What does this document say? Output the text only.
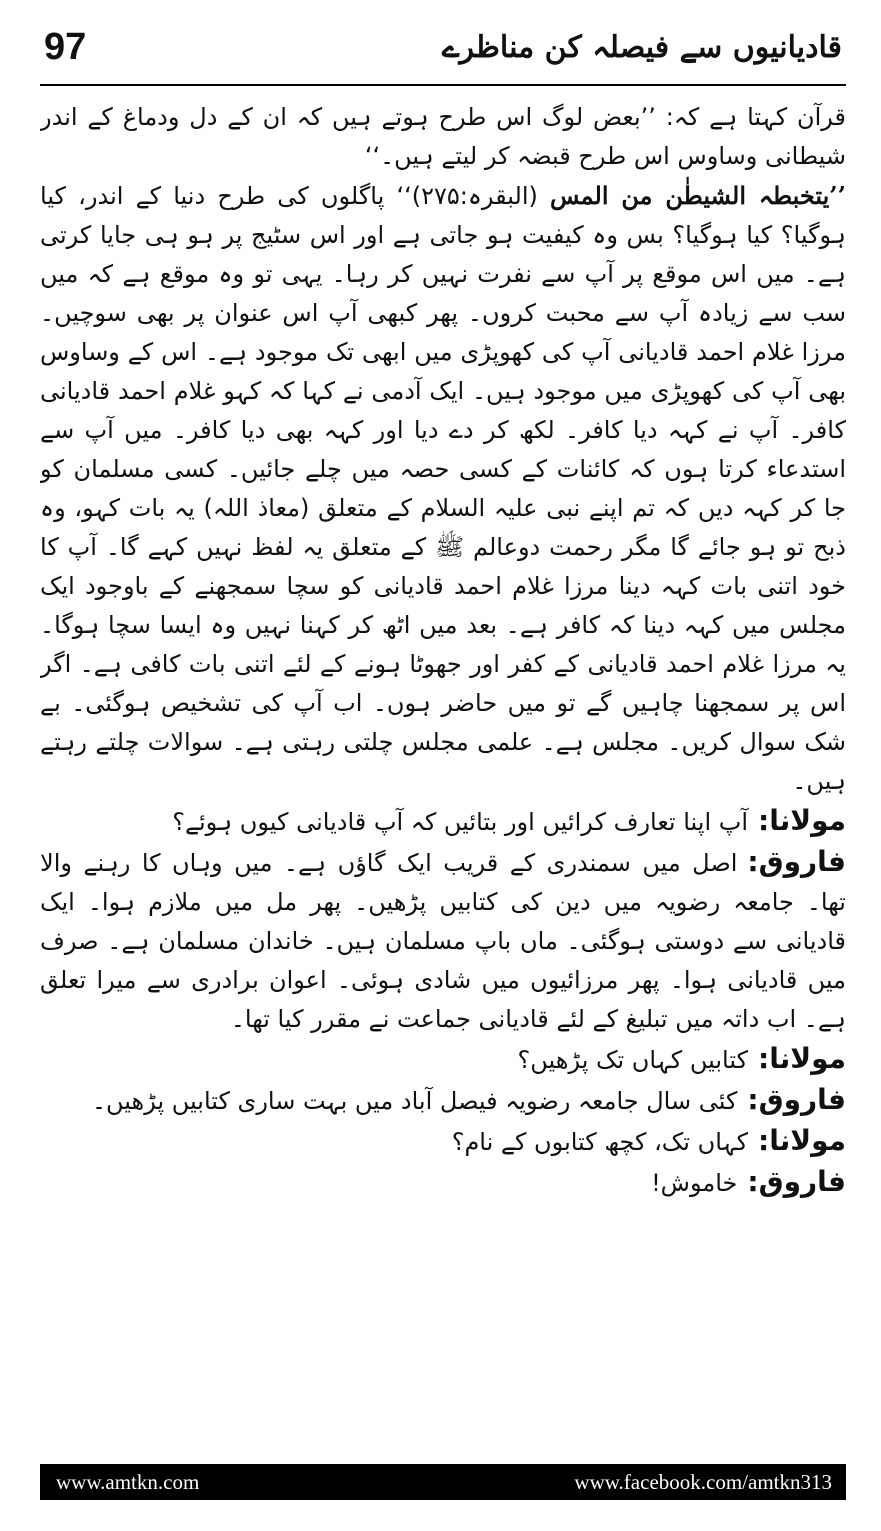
97	قادیانیوں سے فیصلہ کن مناظرے

قرآن کہتا ہے کہ: ’’بعض لوگ اس طرح ہوتے ہیں کہ ان کے دل ودماغ کے اندر شیطانی وساوس اس طرح قبضہ کر لیتے ہیں۔‘‘

’’یتخبطہ الشیطٰن من المس (البقرہ:۲۷۵)‘‘ پاگلوں کی طرح دنیا کے اندر، کیا ہوگیا؟ کیا ہوگیا؟ بس وہ کیفیت ہو جاتی ہے اور اس سٹیج پر ہو ہی جایا کرتی ہے۔ میں اس موقع پر آپ سے نفرت نہیں کر رہا۔ یہی تو وہ موقع ہے کہ میں سب سے زیادہ آپ سے محبت کروں۔ پھر کبھی آپ اس عنوان پر بھی سوچیں۔ مرزا غلام احمد قادیانی آپ کی کھوپڑی میں ابھی تک موجود ہے۔ اس کے وساوس بھی آپ کی کھوپڑی میں موجود ہیں۔ ایک آدمی نے کہا کہ کہو غلام احمد قادیانی کافر۔ آپ نے کہہ دیا کافر۔ لکھ کر دے دیا اور کہہ بھی دیا کافر۔ میں آپ سے استدعاء کرتا ہوں کہ کائنات کے کسی حصہ میں چلے جائیں۔ کسی مسلمان کو جا کر کہہ دیں کہ تم اپنے نبی علیہ السلام کے متعلق (معاذ اللہ) یہ بات کہو، وہ ذبح تو ہو جائے گا مگر رحمت دوعالم ﷺ کے متعلق یہ لفظ نہیں کہے گا۔ آپ کا خود اتنی بات کہہ دینا مرزا غلام احمد قادیانی کو سچا سمجھنے کے باوجود ایک مجلس میں کہہ دینا کہ کافر ہے۔ بعد میں اٹھ کر کہنا نہیں وہ ایسا سچا ہوگا۔ یہ مرزا غلام احمد قادیانی کے کفر اور جھوٹا ہونے کے لئے اتنی بات کافی ہے۔ اگر اس پر سمجھنا چاہیں گے تو میں حاضر ہوں۔ اب آپ کی تشخیص ہوگئی۔ بے شک سوال کریں۔ مجلس ہے۔ علمی مجلس چلتی رہتی ہے۔ سوالات چلتے رہتے ہیں۔

مولانا:آپ اپنا تعارف کرائیں اور بتائیں کہ آپ قادیانی کیوں ہوئے؟

فاروق:اصل میں سمندری کے قریب ایک گاؤں ہے۔ میں وہاں کا رہنے والا تھا۔ جامعہ رضویہ میں دین کی کتابیں پڑھیں۔ پھر مل میں ملازم ہوا۔ ایک قادیانی سے دوستی ہوگئی۔ ماں باپ مسلمان ہیں۔ خاندان مسلمان ہے۔ صرف میں قادیانی ہوا۔ پھر مرزائیوں میں شادی ہوئی۔ اعوان برادری سے میرا تعلق ہے۔ اب داتہ میں تبلیغ کے لئے قادیانی جماعت نے مقرر کیا تھا۔

مولانا:کتابیں کہاں تک پڑھیں؟

فاروق:کئی سال جامعہ رضویہ فیصل آباد میں بہت ساری کتابیں پڑھیں۔

مولانا:کہاں تک، کچھ کتابوں کے نام؟

فاروق:خاموش!

www.amtkn.com	www.facebook.com/amtkn313
